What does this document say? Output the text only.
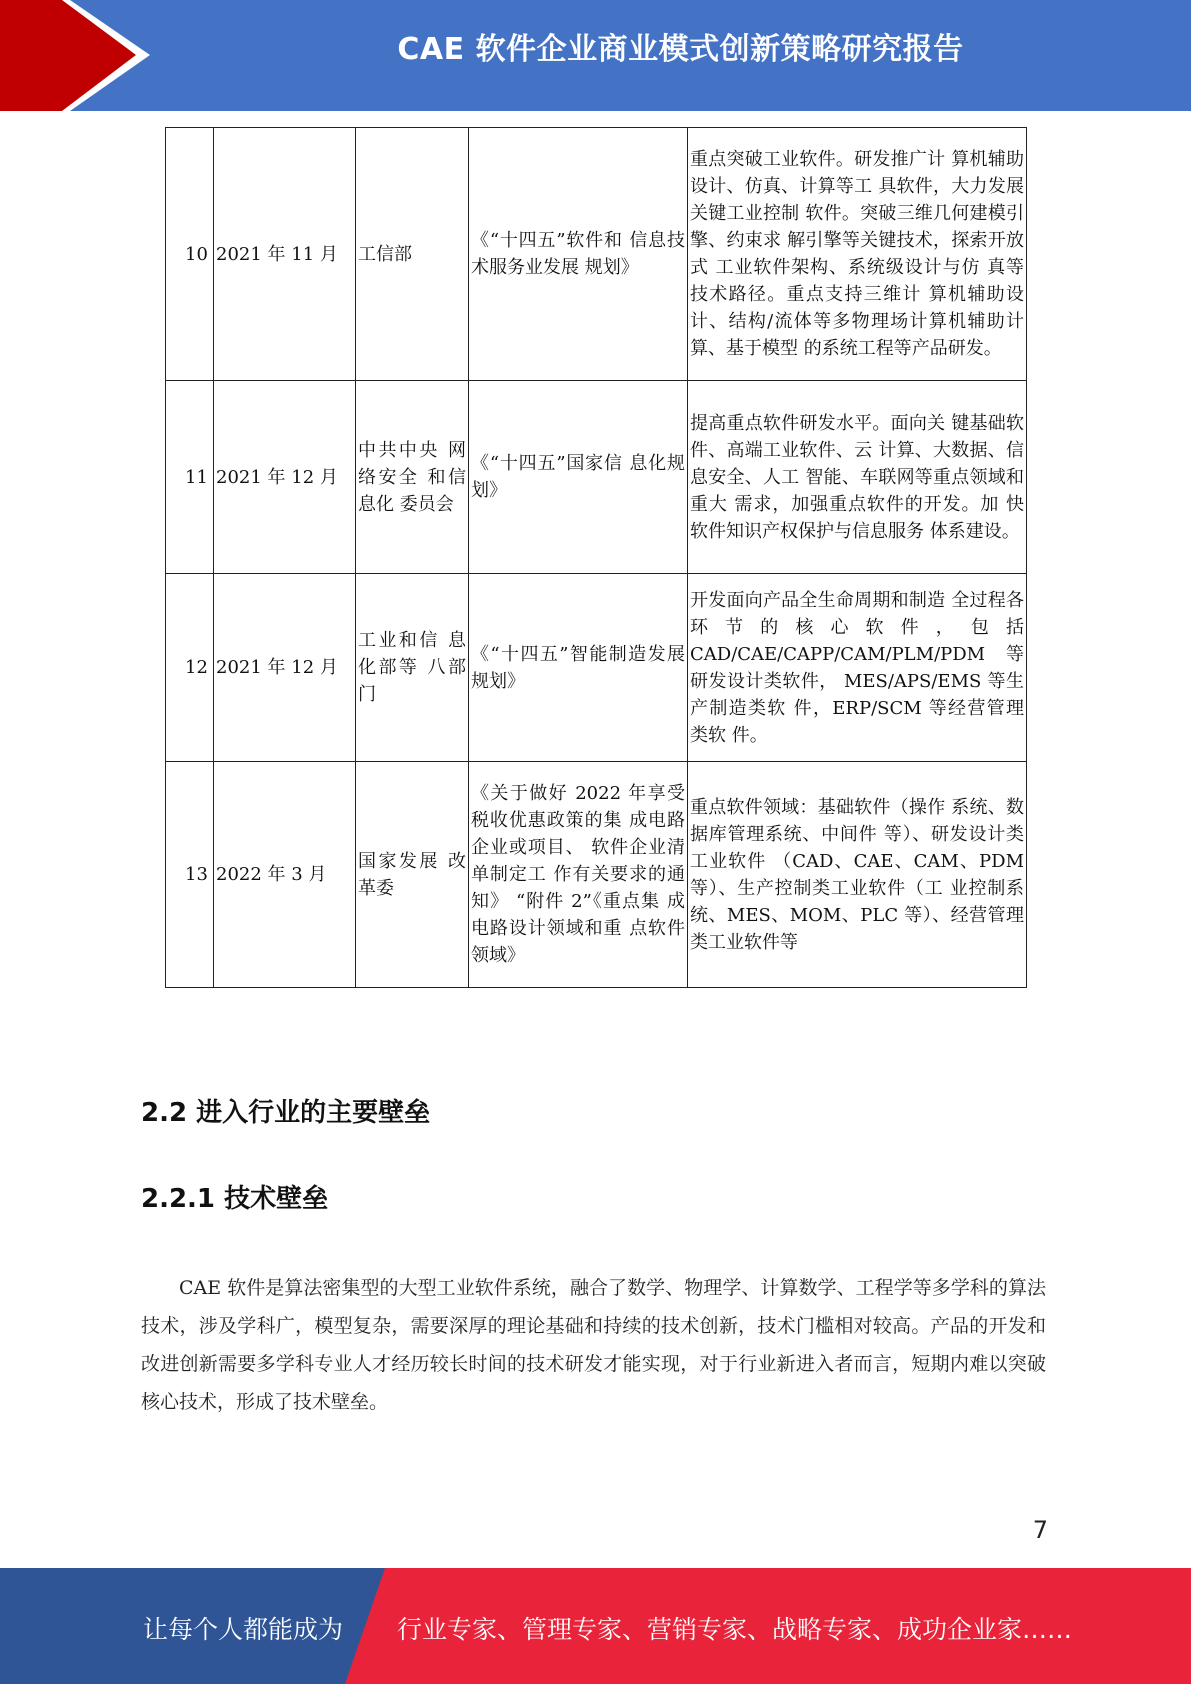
CAE 软件企业商业模式创新策略研究报告
10	2021 年 11 月	工信部	《“十四五”软件和 信息技术服务业发展 规划》	重点突破工业软件。研发推广计 算机辅助设计、仿真、计算等工 具软件，大力发展关键工业控制 软件。突破三维几何建模引擎、约束求 解引擎等关键技术，探索开放式 工业软件架构、系统级设计与仿 真等技术路径。重点支持三维计 算机辅助设计、结构/流体等多物理场计算机辅助计算、基于模型 的系统工程等产品研发。
11	2021 年 12 月	中共中央 网络安全 和信息化 委员会	《“十四五”国家信 息化规划》	提高重点软件研发水平。面向关 键基础软件、高端工业软件、云 计算、大数据、信息安全、人工 智能、车联网等重点领域和重大 需求，加强重点软件的开发。加 快软件知识产权保护与信息服务 体系建设。
12	2021 年 12 月	工业和信 息化部等 八部门	《“十四五”智能制造发展规划》	开发面向产品全生命周期和制造 全过程各环节的核心软件，包括 CAD/CAE/CAPP/CAM/PLM/PDM 等研发设计类软件， MES/APS/EMS 等生产制造类软 件，ERP/SCM 等经营管理类软 件。
13	2022 年 3 月	国家发展 改革委	《关于做好 2022 年享受税收优惠政策的集 成电路企业或项目、 软件企业清单制定工 作有关要求的通知》 “附件 2”《重点集 成电路设计领域和重 点软件领域》	重点软件领域：基础软件（操作 系统、数据库管理系统、中间件 等）、研发设计类工业软件 （CAD、CAE、CAM、PDM 等）、生产控制类工业软件（工 业控制系统、MES、MOM、PLC 等）、经营管理类工业软件等
2.2 进入行业的主要壁垒
2.2.1 技术壁垒

CAE 软件是算法密集型的大型工业软件系统，融合了数学、物理学、计算数学、工程学等多学科的算法技术，涉及学科广，模型复杂，需要深厚的理论基础和持续的技术创新，技术门槛相对较高。产品的开发和改进创新需要多学科专业人才经历较长时间的技术研发才能实现，对于行业新进入者而言，短期内难以突破核心技术，形成了技术壁垒。

7
让每个人都能成为 行业专家、管理专家、营销专家、战略专家、成功企业家……
